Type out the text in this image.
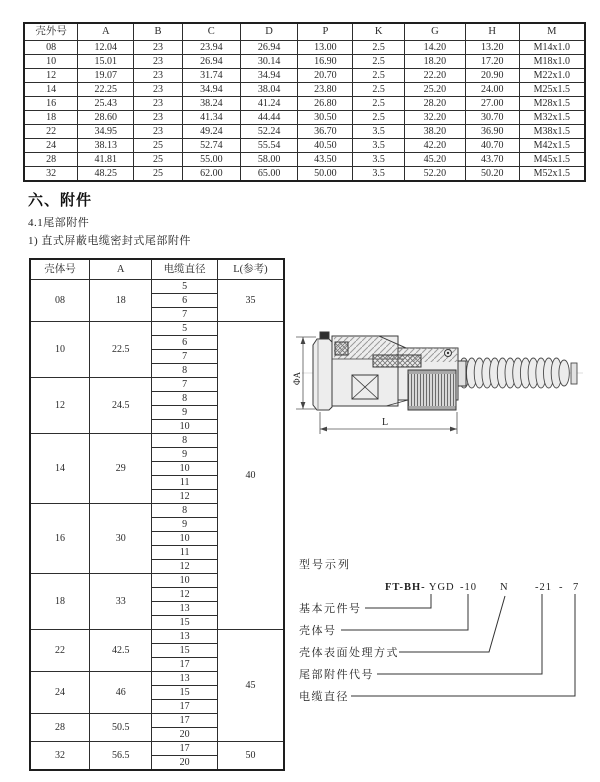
壳外号	A	B	C	D	P	K	G	H	M
08	12.04	23	23.94	26.94	13.00	2.5	14.20	13.20	M14x1.0
10	15.01	23	26.94	30.14	16.90	2.5	18.20	17.20	M18x1.0
12	19.07	23	31.74	34.94	20.70	2.5	22.20	20.90	M22x1.0
14	22.25	23	34.94	38.04	23.80	2.5	25.20	24.00	M25x1.5
16	25.43	23	38.24	41.24	26.80	2.5	28.20	27.00	M28x1.5
18	28.60	23	41.34	44.44	30.50	2.5	32.20	30.70	M32x1.5
22	34.95	23	49.24	52.24	36.70	3.5	38.20	36.90	M38x1.5
24	38.13	25	52.74	55.54	40.50	3.5	42.20	40.70	M42x1.5
28	41.81	25	55.00	58.00	43.50	3.5	45.20	43.70	M45x1.5
32	48.25	25	62.00	65.00	50.00	3.5	52.20	50.20	M52x1.5
六、附件
4.1尾部附件
1) 直式屏蔽电缆密封式尾部附件
壳体号	A	电缆直径	L(参考)
08	18	5	35
		6	
		7	
10	22.5	5	40
		6	
		7	
		8	
12	24.5	7	
		8	
		9	
		10	
14	29	8	
		9	
		10	
		11	
		12	
16	30	8	
		9	
		10	
		11	
		12	
18	33	10	
		12	
		13	
		15	
22	42.5	13	45
		15	
		17	
24	46	13	
		15	
		17	
28	50.5	17	
		20	
32	56.5	17	50
		20	
ΦA
L
型号示列
FT-BH- YGD -10 N	-21 - 7
基本元件号
壳体号
壳体表面处理方式
尾部附件代号
电缆直径
